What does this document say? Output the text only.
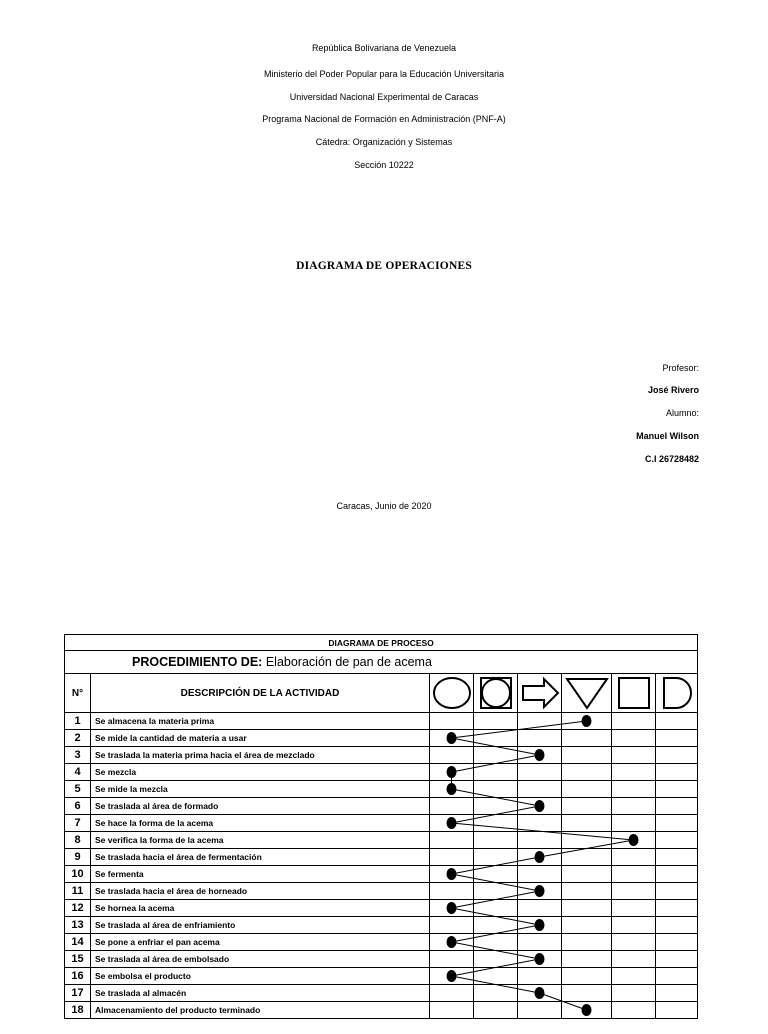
República Bolivariana de Venezuela
Ministerio del Poder Popular para la Educación Universitaria
Universidad Nacional Experimental de Caracas
Programa Nacional de Formación en Administración (PNF-A)
Cátedra: Organización y Sistemas
Sección 10222
DIAGRAMA DE OPERACIONES
Profesor:
José Rivero
Alumno:
Manuel Wilson
C.I 26728482
Caracas, Junio de 2020
DIAGRAMA DE PROCESO							
PROCEDIMIENTO DE: Elaboración de pan de acema							
N°	DESCRIPCIÓN DE LA ACTIVIDAD	

1	Se almacena la materia prima						
2	Se mide la cantidad de materia a usar						
3	Se traslada la materia prima hacia el área de mezclado						
4	Se mezcla						
5	Se mide la mezcla						
6	Se traslada al área de formado						
7	Se hace la forma de la acema						
8	Se verifica la forma de la acema						
9	Se traslada hacia el área de fermentación						
10	Se fermenta						
11	Se traslada hacia el área de horneado						
12	Se hornea la acema						
13	Se traslada al área de enfriamiento						
14	Se pone a enfriar el pan acema						
15	Se traslada al área de embolsado						
16	Se embolsa el producto						
17	Se traslada al almacén						
18	Almacenamiento del producto terminado						
